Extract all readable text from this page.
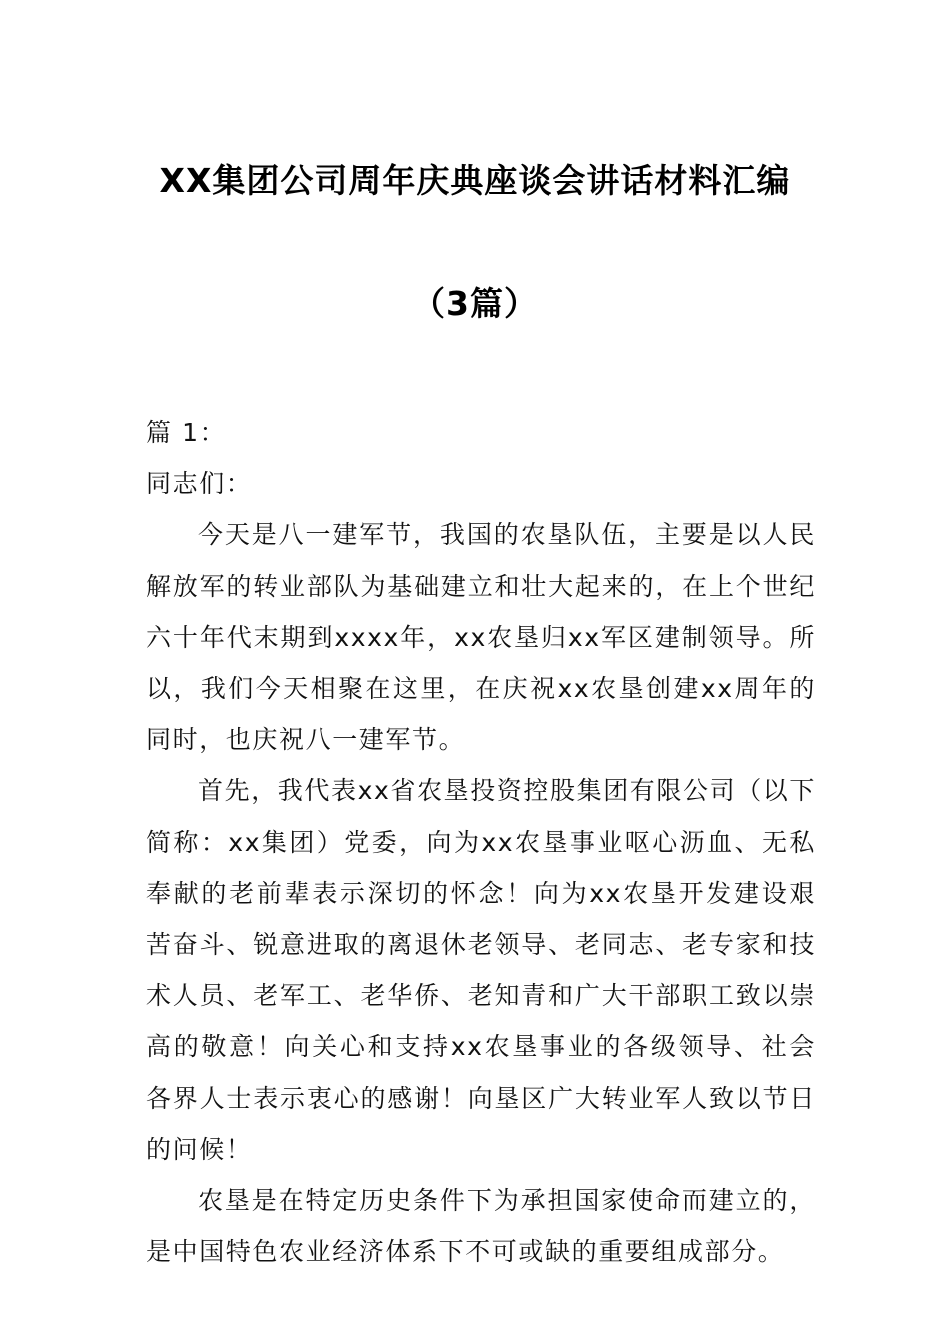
XX集团公司周年庆典座谈会讲话材料汇编
（3篇）

篇 1：

同志们：

今天是八一建军节，我国的农垦队伍，主要是以人民解放军的转业部队为基础建立和壮大起来的，在上个世纪六十年代末期到xxxx年，xx农垦归xx军区建制领导。所以，我们今天相聚在这里，在庆祝xx农垦创建xx周年的同时，也庆祝八一建军节。

首先，我代表xx省农垦投资控股集团有限公司（以下简称：xx集团）党委，向为xx农垦事业呕心沥血、无私奉献的老前辈表示深切的怀念！向为xx农垦开发建设艰苦奋斗、锐意进取的离退休老领导、老同志、老专家和技术人员、老军工、老华侨、老知青和广大干部职工致以崇高的敬意！向关心和支持xx农垦事业的各级领导、社会各界人士表示衷心的感谢！向垦区广大转业军人致以节日的问候！

农垦是在特定历史条件下为承担国家使命而建立的，是中国特色农业经济体系下不可或缺的重要组成部分。
